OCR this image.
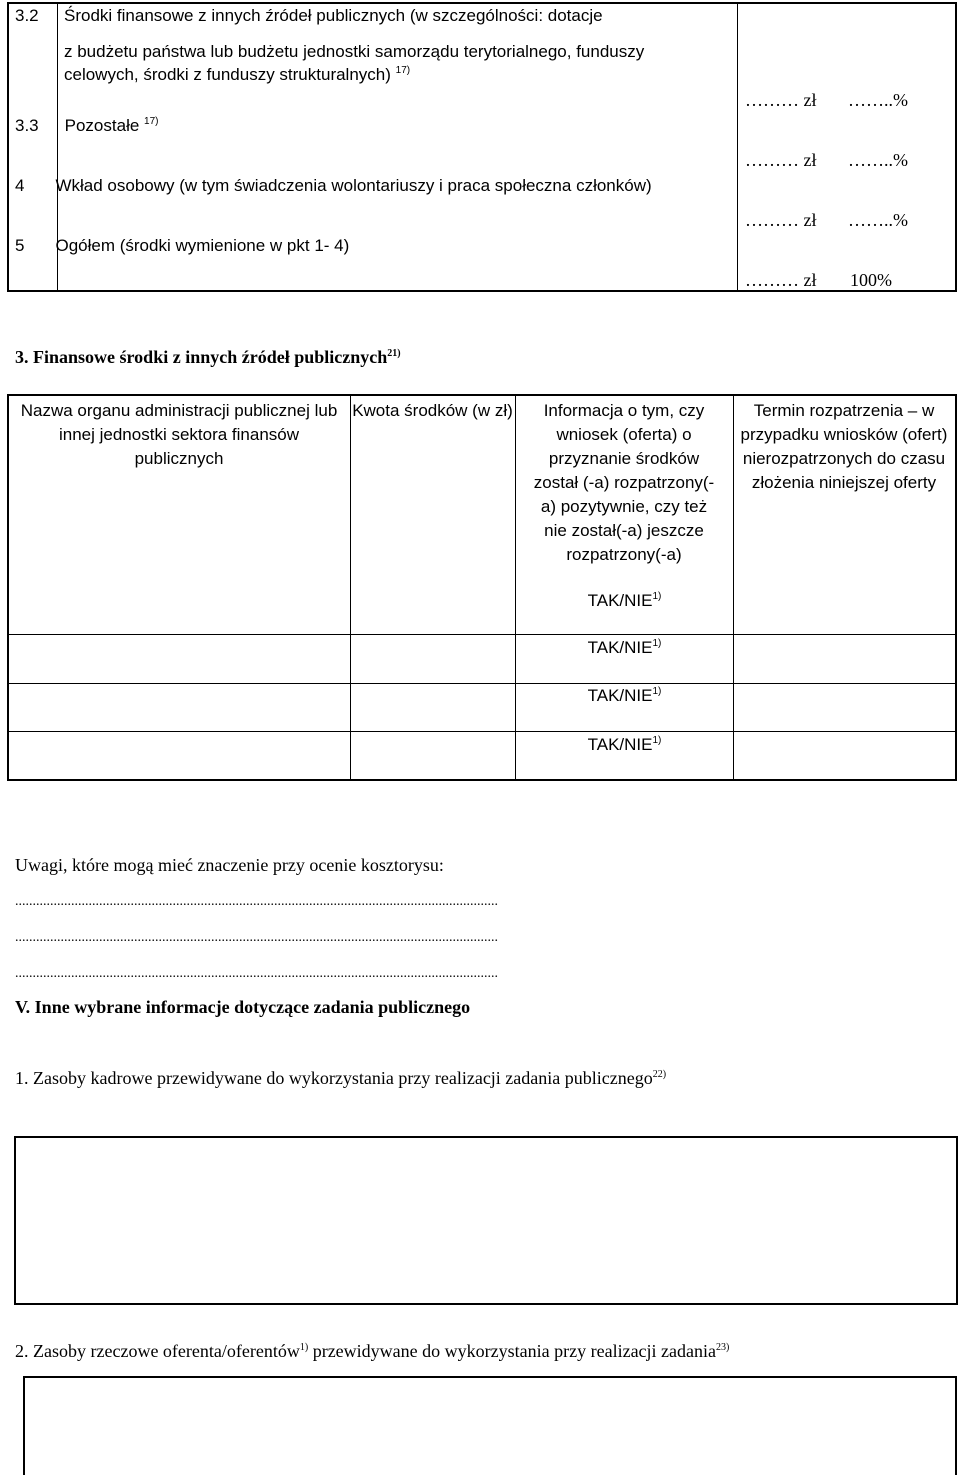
3.2 Środki finansowe z innych źródeł publicznych (w szczególności: dotacje
z budżetu państwa lub budżetu jednostki samorządu terytorialnego, funduszy
celowych, środki z funduszy strukturalnych) $^{17)}$
3.3 Pozostałe $^{17)}$
4 Wkład osobowy (w tym świadczenia wolontariuszy i praca społeczna członków)
5 Ogółem (środki wymienione w pkt 1- 4)
……… zł ……..%
……… zł ……..%
……… zł ……..%
……… zł 100%
3. Finansowe środki z innych źródeł publicznych$^{21)}$
Nazwa organu administracji publicznej lub innej jednostki sektora finansów publicznych
Kwota środków (w zł)	Informacja o tym, czy wniosek (oferta) o przyznanie środków został (-a) rozpatrzony(-a) pozytywnie, czy też nie został(-a) jeszcze rozpatrzony(-a)
Termin rozpatrzenia – w przypadku wniosków (ofert) nierozpatrzonych do czasu złożenia niniejszej oferty
TAK/NIE$^{1)}$
TAK/NIE$^{1)}$
TAK/NIE$^{1)}$
TAK/NIE$^{1)}$
Uwagi, które mogą mieć znaczenie przy ocenie kosztorysu:
..........................................................................................................................................
..........................................................................................................................................
..........................................................................................................................................
V. Inne wybrane informacje dotyczące zadania publicznego
1. Zasoby kadrowe przewidywane do wykorzystania przy realizacji zadania publicznego$^{22)}$
2. Zasoby rzeczowe oferenta/oferentów$^{1)}$ przewidywane do wykorzystania przy realizacji zadania$^{23)}$
